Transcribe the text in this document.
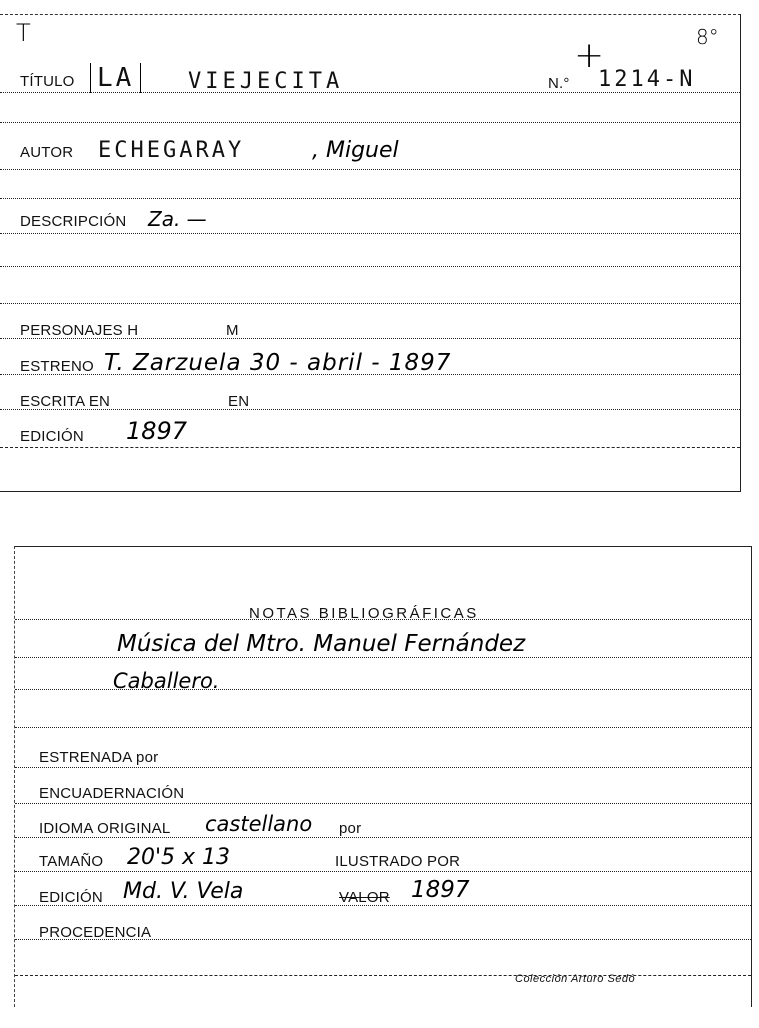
T	8°
+
TÍTULO LA	VIEJECITA	N.° 1214-N
AUTOR ECHEGARAY	, Miguel
DESCRIPCIÓN Za. —
PERSONAJES H	M
ESTRENO T. Zarzuela 30 - abril - 1897
ESCRITA EN	EN
EDICIÓN 1897
NOTAS BIBLIOGRÁFICAS
Música del Mtro. Manuel Fernández
Caballero.
ESTRENADA por
ENCUADERNACIÓN
IDIOMA ORIGINAL castellano por
TAMAÑO 20'5 x 13	ILUSTRADO POR
EDICIÓN Md. V. Vela	VALOR 1897
PROCEDENCIA
Colección Arturo Sedó
